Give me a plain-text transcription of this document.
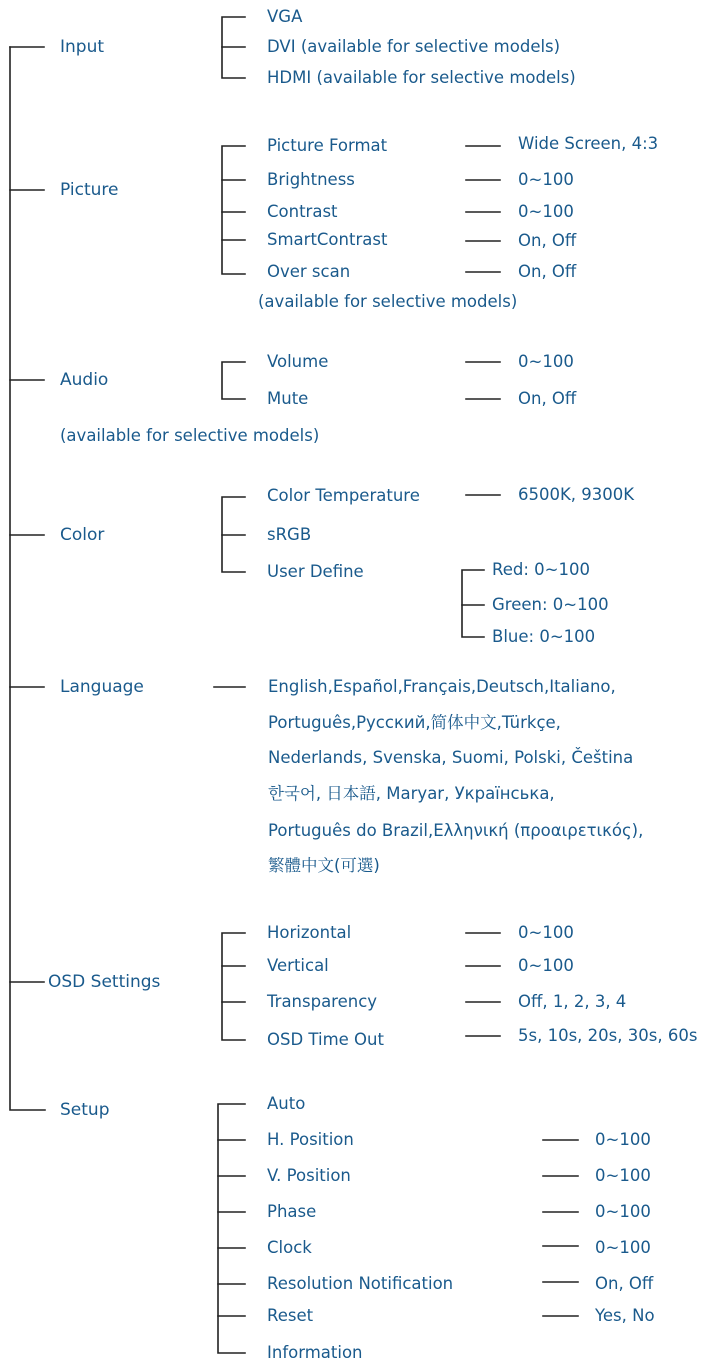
Input
Picture
Audio
Color
Language
OSD Settings
Setup
VGA
DVI (available for selective models)
HDMI (available for selective models)
Picture Format	Wide Screen, 4:3
Brightness	0~100
Contrast	0~100
SmartContrast	On, Off
Over scan	On, Off
(available for selective models)
Volume	0~100
Mute	On, Off
(available for selective models)
Color Temperature	6500K, 9300K
sRGB
User Define	Red: 0~100
Green: 0~100
Blue: 0~100
English,Español,Français,Deutsch,Italiano,
Português,Русский,简体中文,Türkçe,
Nederlands, Svenska, Suomi, Polski, Čeština
한국어, 日本語, Maryar, Українська,
Português do Brazil,Ελληνική (προαιρετικός),
繁體中文(可選)
Horizontal	0~100
Vertical	0~100
Transparency	Off, 1, 2, 3, 4
OSD Time Out	5s, 10s, 20s, 30s, 60s
Auto
H. Position	0~100
V. Position	0~100
Phase	0~100
Clock	0~100
Resolution Notification	On, Off
Reset	Yes, No
Information
